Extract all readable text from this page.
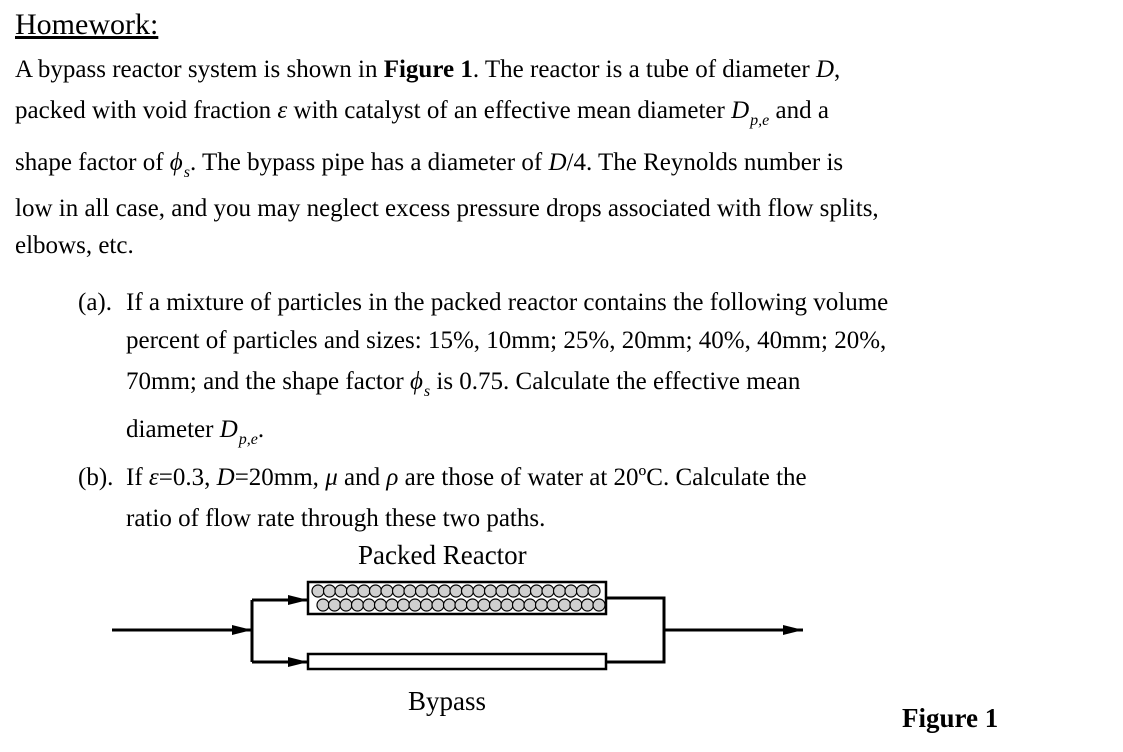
Homework:
A bypass reactor system is shown in Figure 1. The reactor is a tube of diameter D,
packed with void fraction ε with catalyst of an effective mean diameter $D_{p,e}$ and a
shape factor of $\phi_s$. The bypass pipe has a diameter of D/4. The Reynolds number is
low in all case, and you may neglect excess pressure drops associated with flow splits,
elbows, etc.
(a). If a mixture of particles in the packed reactor contains the following volume
percent of particles and sizes: 15%, 10mm; 25%, 20mm; 40%, 40mm; 20%,
70mm; and the shape factor $\phi_s$ is 0.75. Calculate the effective mean
diameter $D_{p,e}$.
(b). If ε=0.3, D=20mm, μ and ρ are those of water at 20ºC. Calculate the
ratio of flow rate through these two paths.
Packed Reactor
Bypass
Figure 1
